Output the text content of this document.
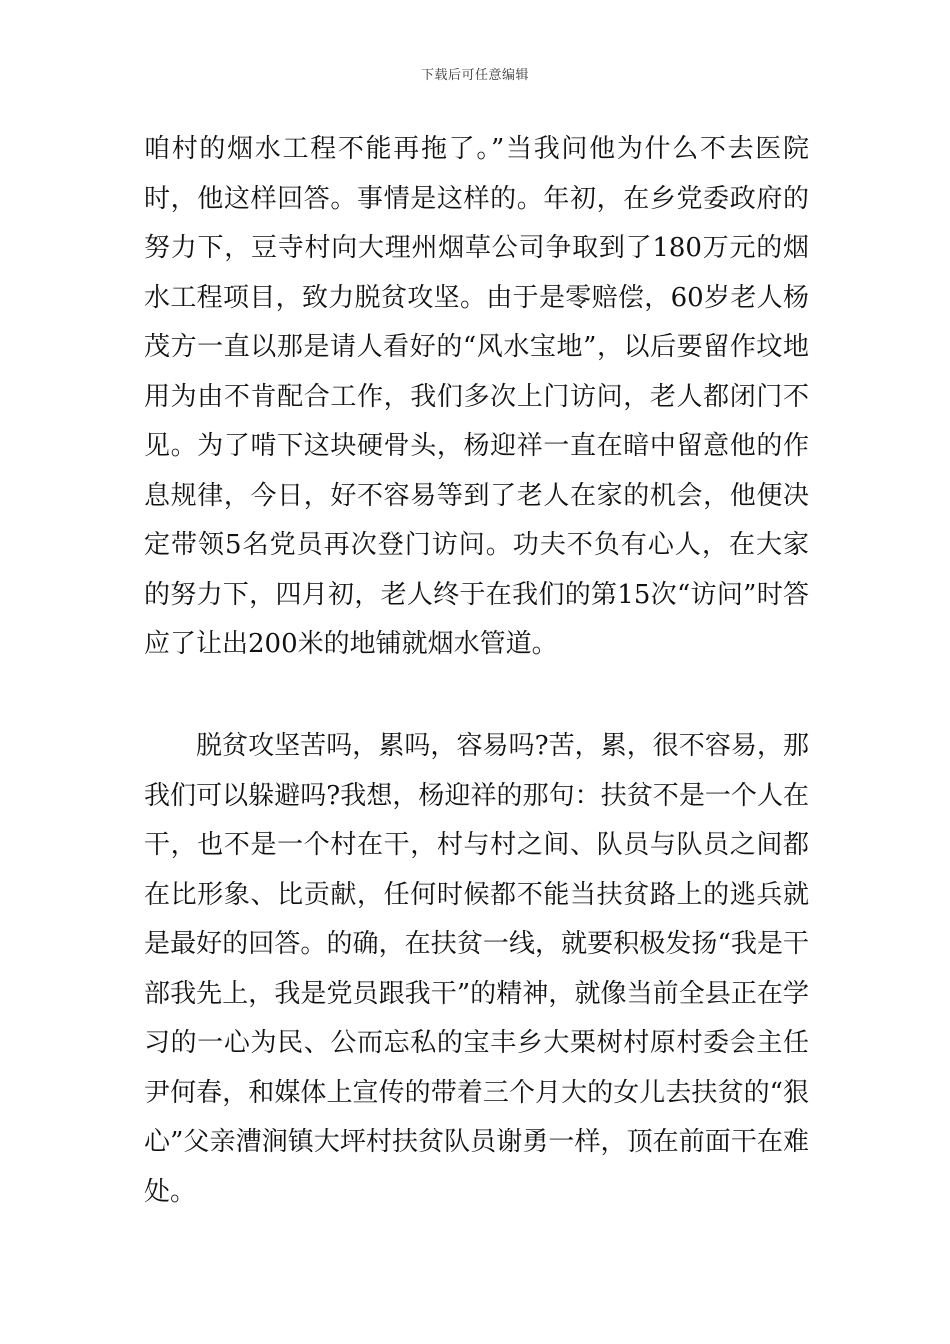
下载后可任意编辑

咱村的烟水工程不能再拖了。”当我问他为什么不去医院时，他这样回答。事情是这样的。年初，在乡党委政府的努力下，豆寺村向大理州烟草公司争取到了180万元的烟水工程项目，致力脱贫攻坚。由于是零赔偿，60岁老人杨茂方一直以那是请人看好的“风水宝地”，以后要留作坟地用为由不肯配合工作，我们多次上门访问，老人都闭门不见。为了啃下这块硬骨头，杨迎祥一直在暗中留意他的作息规律，今日，好不容易等到了老人在家的机会，他便决定带领5名党员再次登门访问。功夫不负有心人，在大家的努力下，四月初，老人终于在我们的第15次“访问”时答应了让出200米的地铺就烟水管道。

脱贫攻坚苦吗，累吗，容易吗?苦，累，很不容易，那我们可以躲避吗?我想，杨迎祥的那句：扶贫不是一个人在干，也不是一个村在干，村与村之间、队员与队员之间都在比形象、比贡献，任何时候都不能当扶贫路上的逃兵就是最好的回答。的确，在扶贫一线，就要积极发扬“我是干部我先上，我是党员跟我干”的精神，就像当前全县正在学习的一心为民、公而忘私的宝丰乡大栗树村原村委会主任尹何春，和媒体上宣传的带着三个月大的女儿去扶贫的“狠心”父亲漕涧镇大坪村扶贫队员谢勇一样，顶在前面干在难处。
